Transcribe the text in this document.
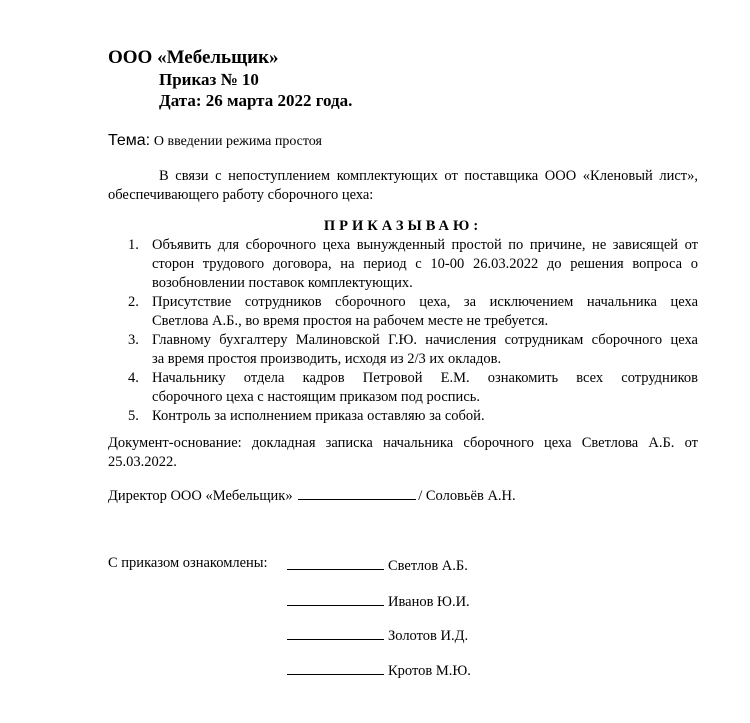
ООО «Мебельщик»
Приказ № 10
Дата: 26 марта 2022 года.
Тема: О введении режима простоя
В связи с непоступлением комплектующих от поставщика ООО «Кленовый лист»,
обеспечивающего работу сборочного цеха:
ПРИКАЗЫВАЮ:
1. Объявить для сборочного цеха вынужденный простой по причине, не зависящей от
сторон трудового договора, на период с 10-00 26.03.2022 до решения вопроса о
возобновлении поставок комплектующих.
2. Присутствие сотрудников сборочного цеха, за исключением начальника цеха
Светлова А.Б., во время простоя на рабочем месте не требуется.
3. Главному бухгалтеру Малиновской Г.Ю. начисления сотрудникам сборочного цеха
за время простоя производить, исходя из 2/3 их окладов.
4. Начальнику отдела кадров Петровой Е.М. ознакомить всех сотрудников
сборочного цеха с настоящим приказом под роспись.
5. Контроль за исполнением приказа оставляю за собой.
Документ-основание: докладная записка начальника сборочного цеха Светлова А.Б. от
25.03.2022.
Директор ООО «Мебельщик»	/ Соловьёв А.Н.
С приказом ознакомлены:	Светлов А.Б.
Иванов Ю.И.
Золотов И.Д.
Кротов М.Ю.
